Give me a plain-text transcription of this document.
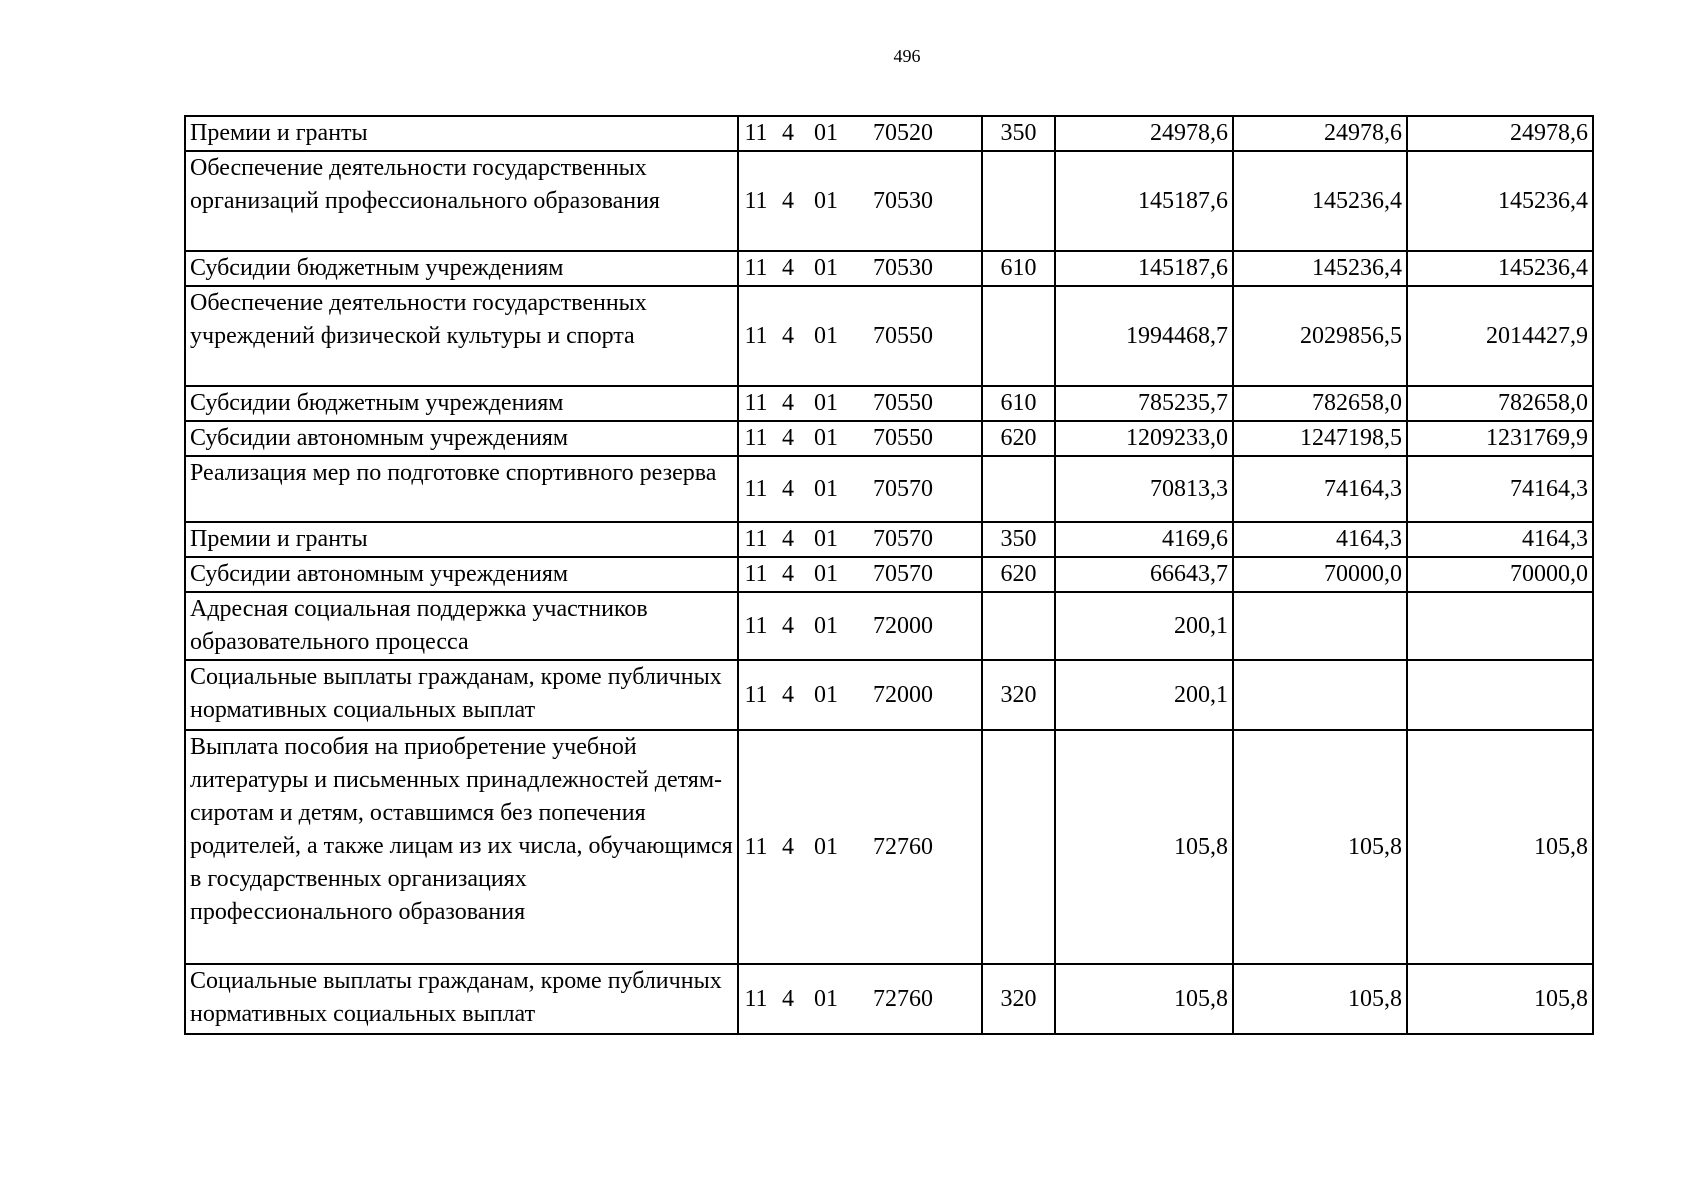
496
Премии и гранты	11 4 01 70520	350	24978,6	24978,6	24978,6
Обеспечение деятельности государственных организаций профессионального образования	11 4 01 70530		145187,6	145236,4	145236,4
Субсидии бюджетным учреждениям	11 4 01 70530	610	145187,6	145236,4	145236,4
Обеспечение деятельности государственных учреждений физической культуры и спорта	11 4 01 70550		1994468,7	2029856,5	2014427,9
Субсидии бюджетным учреждениям	11 4 01 70550	610	785235,7	782658,0	782658,0
Субсидии автономным учреждениям	11 4 01 70550	620	1209233,0	1247198,5	1231769,9
Реализация мер по подготовке спортивного резерва	11 4 01 70570		70813,3	74164,3	74164,3
Премии и гранты	11 4 01 70570	350	4169,6	4164,3	4164,3
Субсидии автономным учреждениям	11 4 01 70570	620	66643,7	70000,0	70000,0
Адресная социальная поддержка участников образовательного процесса	11 4 01 72000		200,1		
Социальные выплаты гражданам, кроме публичных нормативных социальных выплат	11 4 01 72000	320	200,1		
Выплата пособия на приобретение учебной литературы и письменных принадлежностей детям-сиротам и детям, оставшимся без попечения родителей, а также лицам из их числа, обучающимся в государственных организациях профессионального образования	11 4 01 72760		105,8	105,8	105,8
Социальные выплаты гражданам, кроме публичных нормативных социальных выплат	11 4 01 72760	320	105,8	105,8	105,8
